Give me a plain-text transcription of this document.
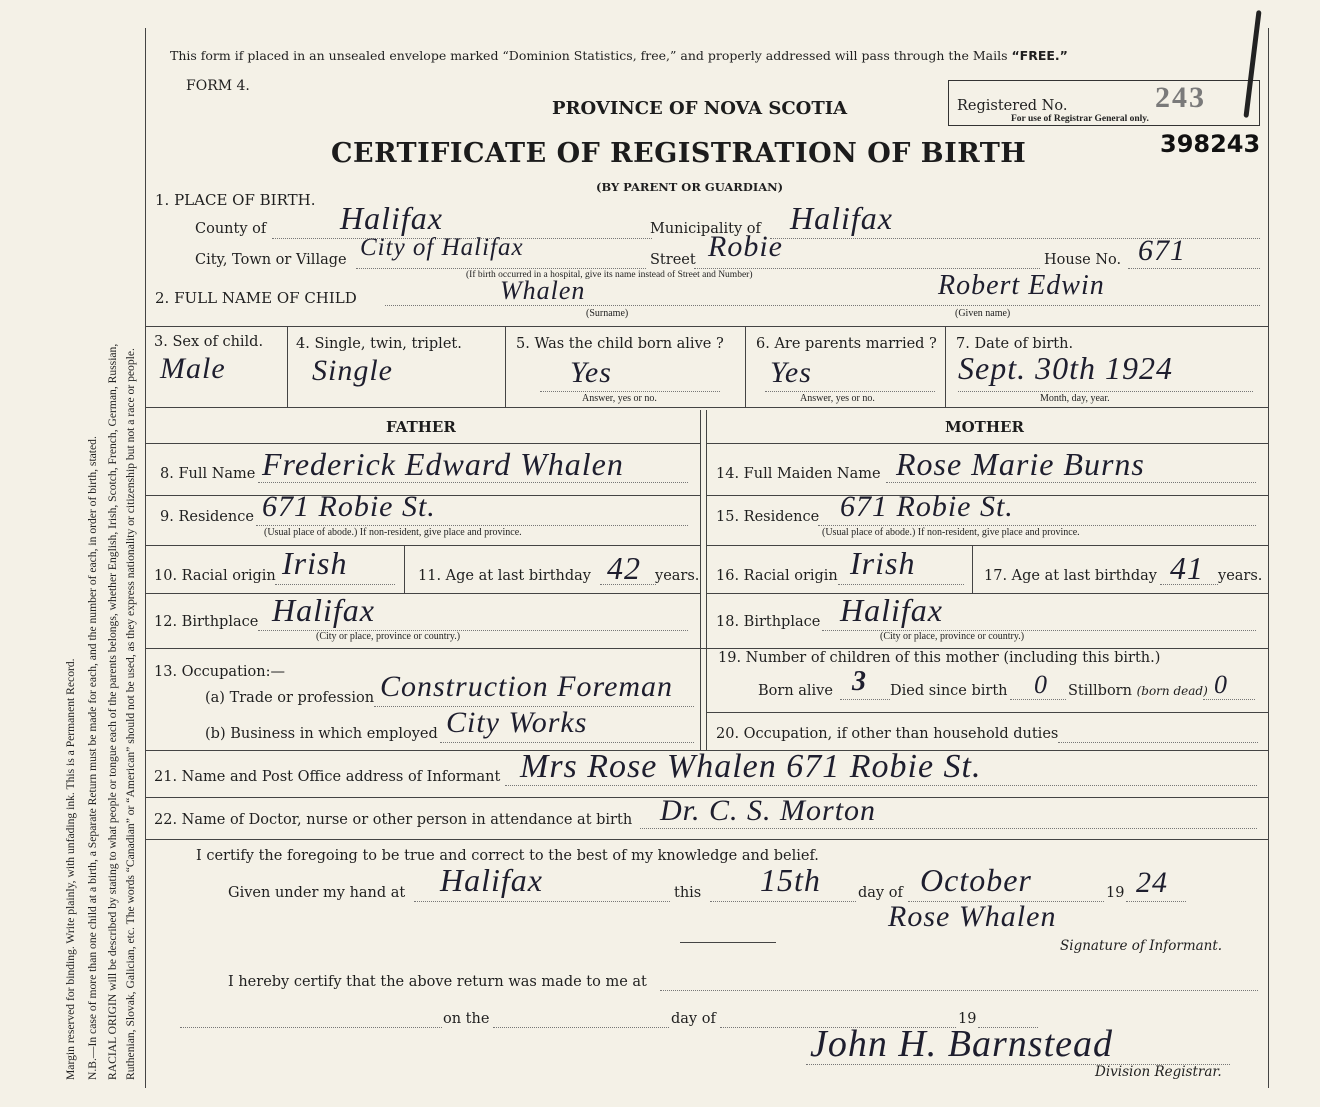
Margin reserved for binding. Write plainly, with unfading ink. This is a Permanent Record. N.B.—In case of more than one child at a birth, a Separate Return must be made for each, and the number of each, in order of birth, stated. RACIAL ORIGIN will be described by stating to what people or tongue each of the parents belongs, whether English, Irish, Scotch, French, German, Russian, Ruthenian, Slovak, Galician, etc. The words “Canadian” or “American” should not be used, as they express nationality or citizenship but not a race or people.
This form if placed in an unsealed envelope marked “Dominion Statistics, free,” and properly addressed will pass through the Mails “FREE.”
FORM 4.
PROVINCE OF NOVA SCOTIA
CERTIFICATE OF REGISTRATION OF BIRTH
(BY PARENT OR GUARDIAN)
Registered No.	243
For use of Registrar General only.
398243
1. PLACE OF BIRTH.
County of Halifax	Municipality of Halifax
City, Town or Village City of Halifax	Street Robie	House No. 671
(If birth occurred in a hospital, give its name instead of Street and Number)
2. FULL NAME OF CHILD	Whalen
(Surname)
Robert Edwin
(Given name)
3. Sex of child.
Male
4. Single, twin, triplet.
Single
5. Was the child born alive ?
Yes
Answer, yes or no.
6. Are parents married ?
Yes
Answer, yes or no.
7. Date of birth.
Sept. 30th 1924
Month, day, year.
FATHER	MOTHER
8. Full Name Frederick Edward Whalen
9. Residence 671 Robie St.
(Usual place of abode.) If non-resident, give place and province.
10. Racial origin Irish	11. Age at last birthday 42 years.
12. Birthplace Halifax
(City or place, province or country.)
13. Occupation:—
(a) Trade or profession Construction Foreman
(b) Business in which employed City Works
14. Full Maiden Name Rose Marie Burns
15. Residence 671 Robie St.
(Usual place of abode.) If non-resident, give place and province.
16. Racial origin Irish	17. Age at last birthday 41 years.
18. Birthplace Halifax
(City or place, province or country.)
19. Number of children of this mother (including this birth.)
Born alive 3 Died since birth 0 Stillborn (born dead) 0
20. Occupation, if other than household duties
21. Name and Post Office address of Informant Mrs Rose Whalen 671 Robie St.
22. Name of Doctor, nurse or other person in attendance at birth Dr. C. S. Morton
I certify the foregoing to be true and correct to the best of my knowledge and belief.
Given under my hand at Halifax	this 15th	day of October	19 24
Rose Whalen
Signature of Informant.
I hereby certify that the above return was made to me at
on the	day of	19
John H. Barnstead
Division Registrar.
